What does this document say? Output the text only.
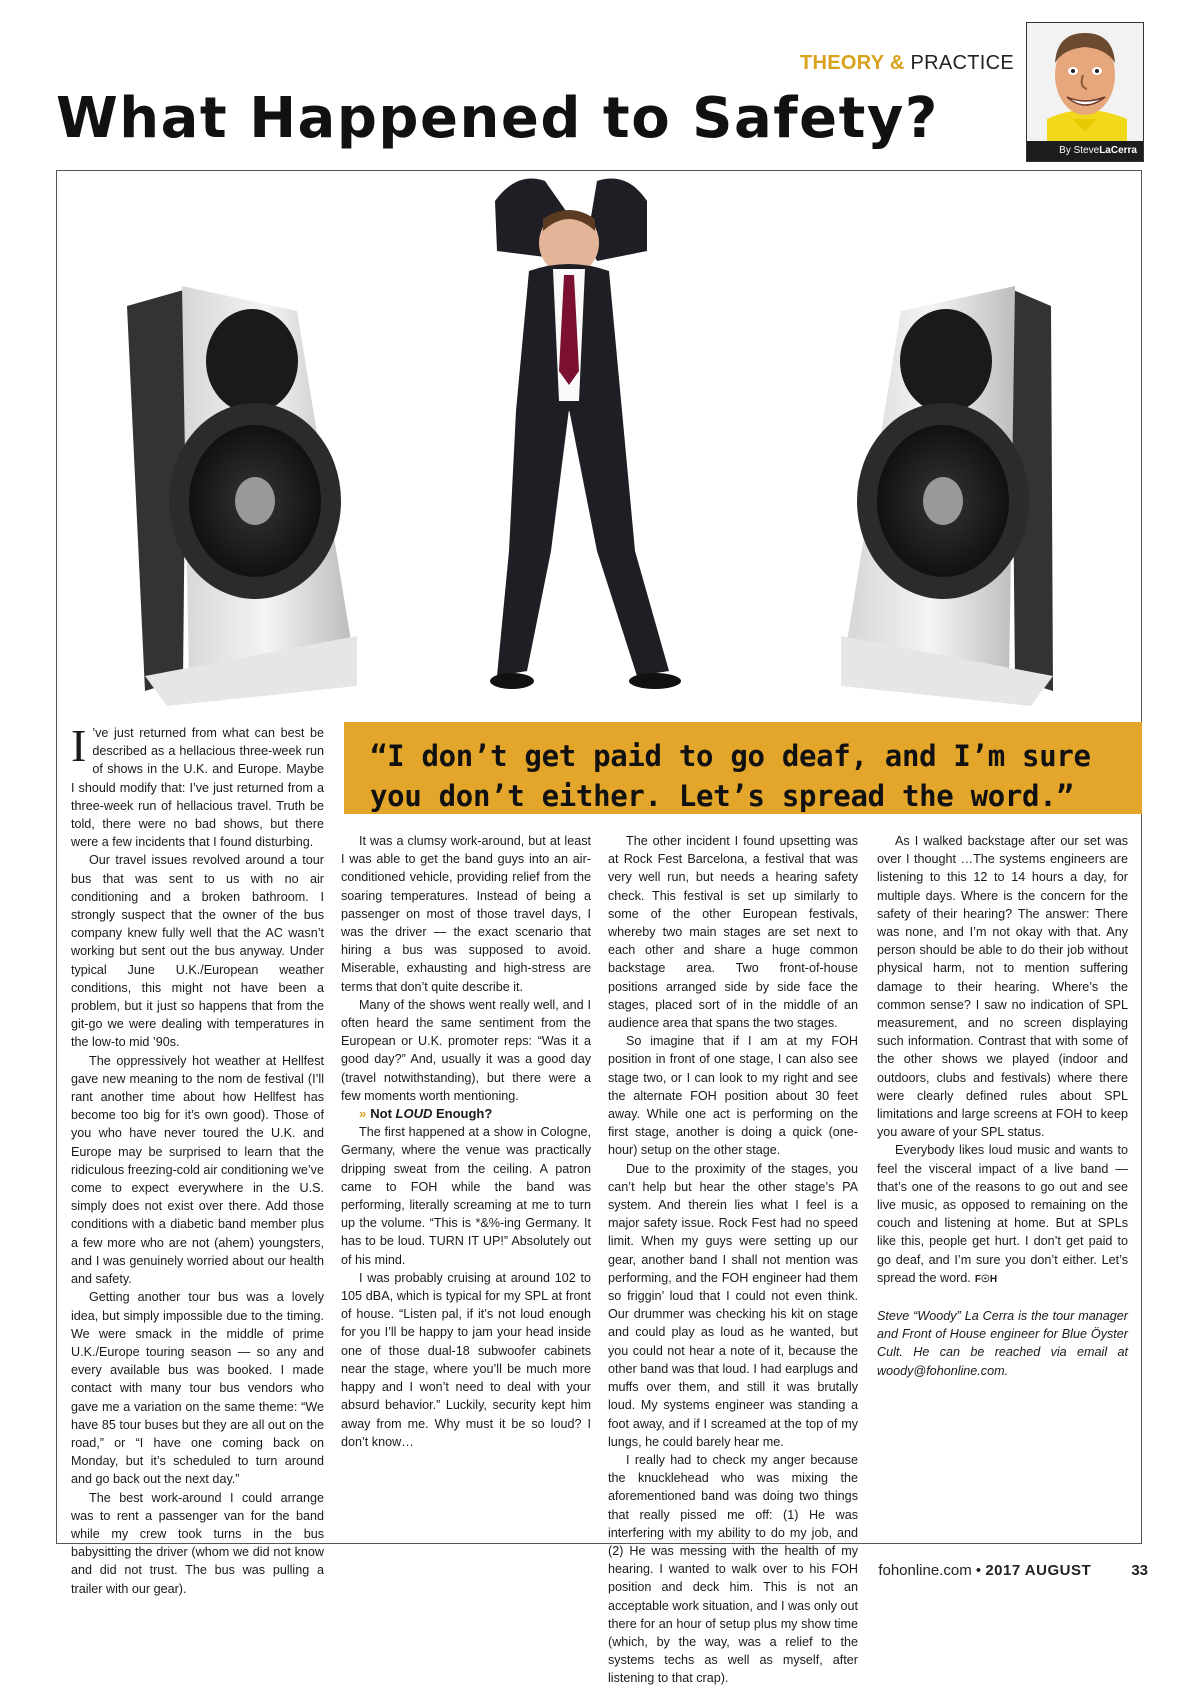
THEORY & PRACTICE
What Happened to Safety?	By SteveLaCerra

“I don’t get paid to go deaf, and I’m sure you don’t either. Let’s spread the word.”

I ’ve just returned from what can best be described as a hellacious three-week run of shows in the U.K. and Europe. Maybe I should modify that: I’ve just returned from a three-week run of hellacious travel. Truth be told, there were no bad shows, but there were a few incidents that I found disturbing.

Our travel issues revolved around a tour bus that was sent to us with no air conditioning and a broken bathroom. I strongly suspect that the owner of the bus company knew fully well that the AC wasn’t working but sent out the bus anyway. Under typical June U.K./European weather conditions, this might not have been a problem, but it just so happens that from the git-go we were dealing with temperatures in the low-to mid ’90s.

The oppressively hot weather at Hellfest gave new meaning to the nom de festival (I’ll rant another time about how Hellfest has become too big for it’s own good). Those of you who have never toured the U.K. and Europe may be surprised to learn that the ridiculous freezing-cold air conditioning we’ve come to expect everywhere in the U.S. simply does not exist over there. Add those conditions with a diabetic band member plus a few more who are not (ahem) youngsters, and I was genuinely worried about our health and safety.

Getting another tour bus was a lovely idea, but simply impossible due to the timing. We were smack in the middle of prime U.K./Europe touring season — so any and every available bus was booked. I made contact with many tour bus vendors who gave me a variation on the same theme: “We have 85 tour buses but they are all out on the road,” or “I have one coming back on Monday, but it’s scheduled to turn around and go back out the next day.”

The best work-around I could arrange was to rent a passenger van for the band while my crew took turns in the bus babysitting the driver (whom we did not know and did not trust. The bus was pulling a trailer with our gear).

It was a clumsy work-around, but at least I was able to get the band guys into an air-conditioned vehicle, providing relief from the soaring temperatures. Instead of being a passenger on most of those travel days, I was the driver — the exact scenario that hiring a bus was supposed to avoid. Miserable, exhausting and high-stress are terms that don’t quite describe it.

Many of the shows went really well, and I often heard the same sentiment from the European or U.K. promoter reps: “Was it a good day?” And, usually it was a good day (travel notwithstanding), but there were a few moments worth mentioning.

» Not LOUD Enough?

The first happened at a show in Cologne, Germany, where the venue was practically dripping sweat from the ceiling. A patron came to FOH while the band was performing, literally screaming at me to turn up the volume. “This is *&%-ing Germany. It has to be loud. TURN IT UP!” Absolutely out of his mind.

I was probably cruising at around 102 to 105 dBA, which is typical for my SPL at front of house. “Listen pal, if it’s not loud enough for you I’ll be happy to jam your head inside one of those dual-18 subwoofer cabinets near the stage, where you’ll be much more happy and I won’t need to deal with your absurd behavior.” Luckily, security kept him away from me. Why must it be so loud? I don’t know…

The other incident I found upsetting was at Rock Fest Barcelona, a festival that was very well run, but needs a hearing safety check. This festival is set up similarly to some of the other European festivals, whereby two main stages are set next to each other and share a huge common backstage area. Two front-of-house positions arranged side by side face the stages, placed sort of in the middle of an audience area that spans the two stages.

So imagine that if I am at my FOH position in front of one stage, I can also see stage two, or I can look to my right and see the alternate FOH position about 30 feet away. While one act is performing on the first stage, another is doing a quick (one-hour) setup on the other stage.

Due to the proximity of the stages, you can’t help but hear the other stage’s PA system. And therein lies what I feel is a major safety issue. Rock Fest had no speed limit. When my guys were setting up our gear, another band I shall not mention was performing, and the FOH engineer had them so friggin’ loud that I could not even think. Our drummer was checking his kit on stage and could play as loud as he wanted, but you could not hear a note of it, because the other band was that loud. I had earplugs and muffs over them, and still it was brutally loud. My systems engineer was standing a foot away, and if I screamed at the top of my lungs, he could barely hear me.

I really had to check my anger because the knucklehead who was mixing the aforementioned band was doing two things that really pissed me off: (1) He was interfering with my ability to do my job, and (2) He was messing with the health of my hearing. I wanted to walk over to his FOH position and deck him. This is not an acceptable work situation, and I was only out there for an hour of setup plus my show time (which, by the way, was a relief to the systems techs as well as myself, after listening to that crap).

As I walked backstage after our set was over I thought …The systems engineers are listening to this 12 to 14 hours a day, for multiple days. Where is the concern for the safety of their hearing? The answer: There was none, and I’m not okay with that. Any person should be able to do their job without physical harm, not to mention suffering damage to their hearing. Where’s the common sense? I saw no indication of SPL measurement, and no screen displaying such information. Contrast that with some of the other shows we played (indoor and outdoors, clubs and festivals) where there were clearly defined rules about SPL limitations and large screens at FOH to keep you aware of your SPL status.

Everybody likes loud music and wants to feel the visceral impact of a live band — that’s one of the reasons to go out and see live music, as opposed to remaining on the couch and listening at home. But at SPLs like this, people get hurt. I don’t get paid to go deaf, and I’m sure you don’t either. Let’s spread the word. F☉H

Steve “Woody” La Cerra is the tour manager and Front of House engineer for Blue Öyster Cult. He can be reached via email at woody@fohonline.com.

fohonline.com • 2017 AUGUST	33
